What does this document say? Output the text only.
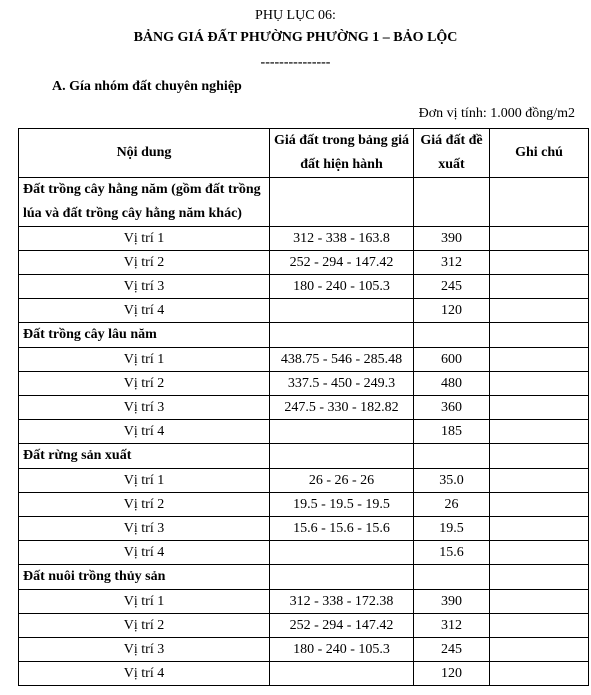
PHỤ LỤC 06:
BẢNG GIÁ ĐẤT PHƯỜNG PHƯỜNG 1 – BẢO LỘC
---------------
A. Gía nhóm đất chuyên nghiệp
Đơn vị tính: 1.000 đồng/m2
Nội dung	Giá đất trong bảng giá đất hiện hành	Giá đất đề xuất	Ghi chú
Đất trồng cây hằng năm (gồm đất trồng lúa và đất trồng cây hằng năm khác)			
Vị trí 1	312 - 338 - 163.8	390	
Vị trí 2	252 - 294 - 147.42	312	
Vị trí 3	180 - 240 - 105.3	245	
Vị trí 4		120	
Đất trồng cây lâu năm			
Vị trí 1	438.75 - 546 - 285.48	600	
Vị trí 2	337.5 - 450 - 249.3	480	
Vị trí 3	247.5 - 330 - 182.82	360	
Vị trí 4		185	
Đất rừng sản xuất			
Vị trí 1	26 - 26 - 26	35.0	
Vị trí 2	19.5 - 19.5 - 19.5	26	
Vị trí 3	15.6 - 15.6 - 15.6	19.5	
Vị trí 4		15.6	
Đất nuôi trồng thủy sản			
Vị trí 1	312 - 338 - 172.38	390	
Vị trí 2	252 - 294 - 147.42	312	
Vị trí 3	180 - 240 - 105.3	245	
Vị trí 4		120	
